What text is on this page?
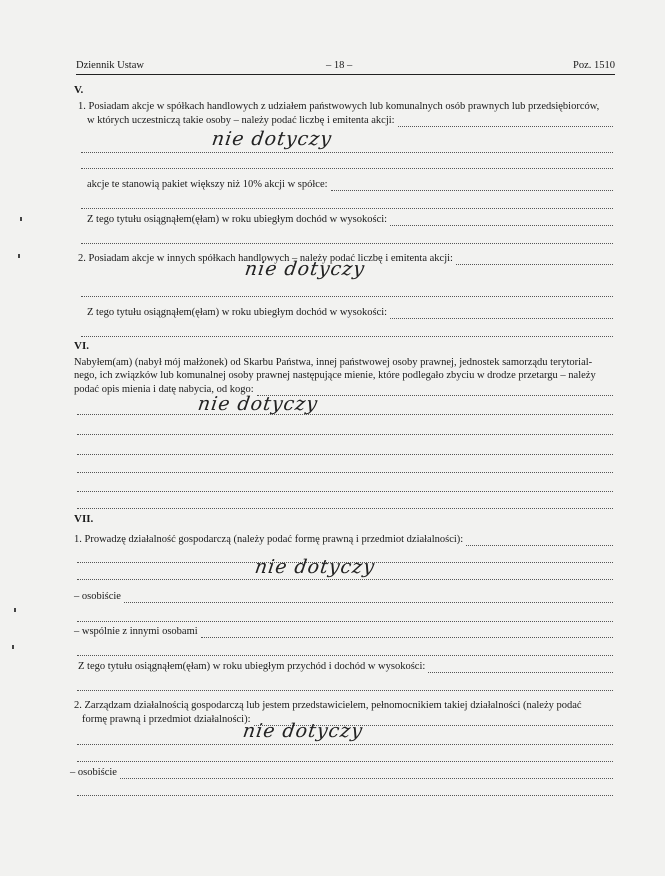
Dziennik Ustaw	– 18 –	Poz. 1510
V.
1. Posiadam akcje w spółkach handlowych z udziałem państwowych lub komunalnych osób prawnych lub przedsiębiorców,
w których uczestniczą takie osoby – należy podać liczbę i emitenta akcji:
nie dotyczy
akcje te stanowią pakiet większy niż 10% akcji w spółce:
Z tego tytułu osiągnąłem(ęłam) w roku ubiegłym dochód w wysokości:
2. Posiadam akcje w innych spółkach handlowych – należy podać liczbę i emitenta akcji:
nie dotyczy
Z tego tytułu osiągnąłem(ęłam) w roku ubiegłym dochód w wysokości:
VI.
Nabyłem(am) (nabył mój małżonek) od Skarbu Państwa, innej państwowej osoby prawnej, jednostek samorządu terytorial-
nego, ich związków lub komunalnej osoby prawnej następujące mienie, które podlegało zbyciu w drodze przetargu – należy
podać opis mienia i datę nabycia, od kogo:
nie dotyczy
VII.
1. Prowadzę działalność gospodarczą (należy podać formę prawną i przedmiot działalności):
nie dotyczy
– osobiście
– wspólnie z innymi osobami
Z tego tytułu osiągnąłem(ęłam) w roku ubiegłym przychód i dochód w wysokości:
2. Zarządzam działalnością gospodarczą lub jestem przedstawicielem, pełnomocnikiem takiej działalności (należy podać
formę prawną i przedmiot działalności):
nie dotyczy
– osobiście
